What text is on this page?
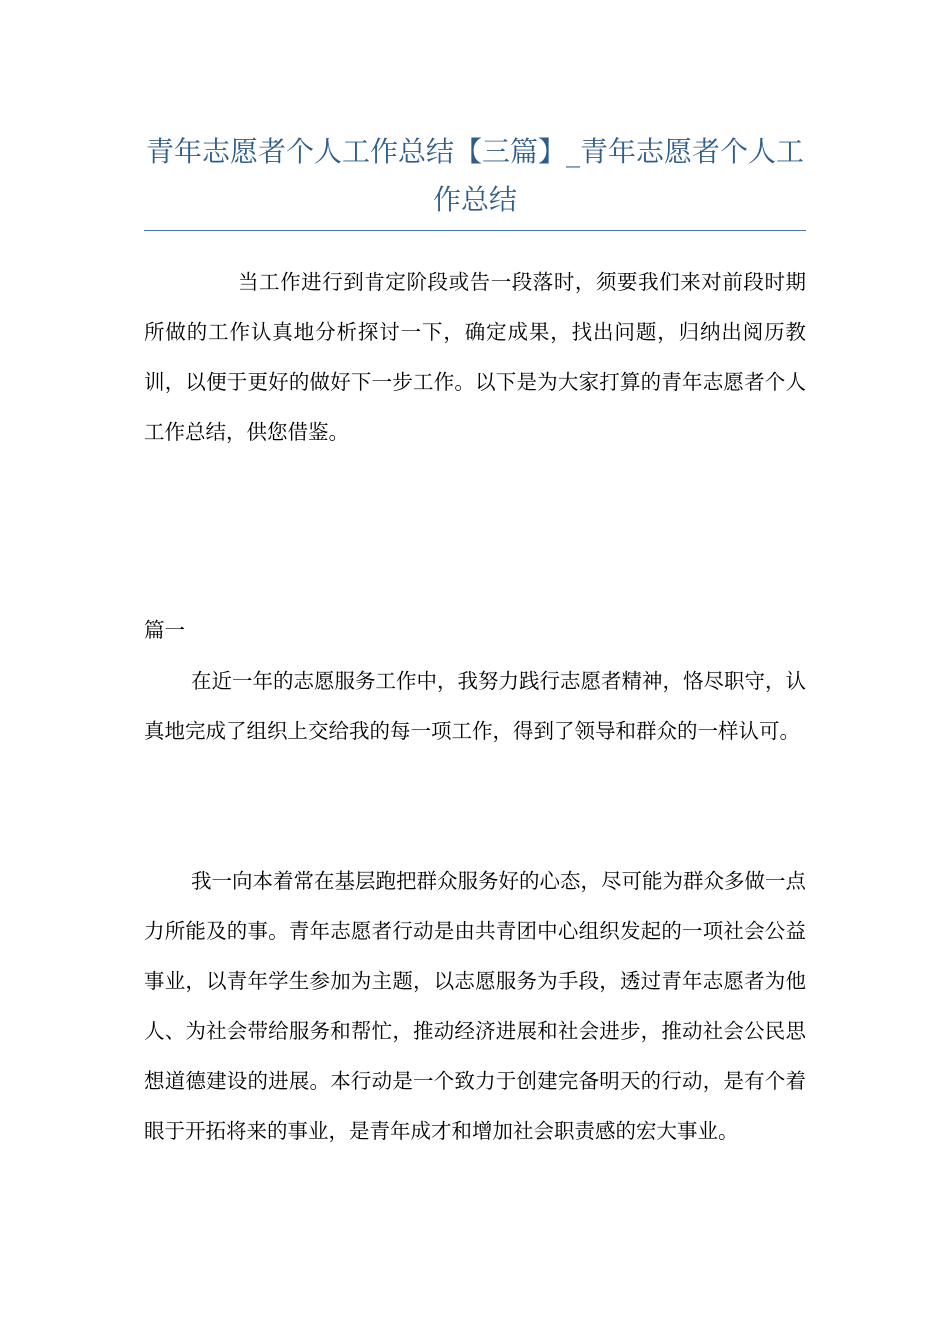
青年志愿者个人工作总结【三篇】_青年志愿者个人工作总结

当工作进行到肯定阶段或告一段落时，须要我们来对前段时期所做的工作认真地分析探讨一下，确定成果，找出问题，归纳出阅历教训，以便于更好的做好下一步工作。以下是为大家打算的青年志愿者个人工作总结，供您借鉴。

篇一

在近一年的志愿服务工作中，我努力践行志愿者精神，恪尽职守，认真地完成了组织上交给我的每一项工作，得到了领导和群众的一样认可。

我一向本着常在基层跑把群众服务好的心态，尽可能为群众多做一点力所能及的事。青年志愿者行动是由共青团中心组织发起的一项社会公益事业，以青年学生参加为主题，以志愿服务为手段，透过青年志愿者为他人、为社会带给服务和帮忙，推动经济进展和社会进步，推动社会公民思想道德建设的进展。本行动是一个致力于创建完备明天的行动，是有个着眼于开拓将来的事业，是青年成才和增加社会职责感的宏大事业。
